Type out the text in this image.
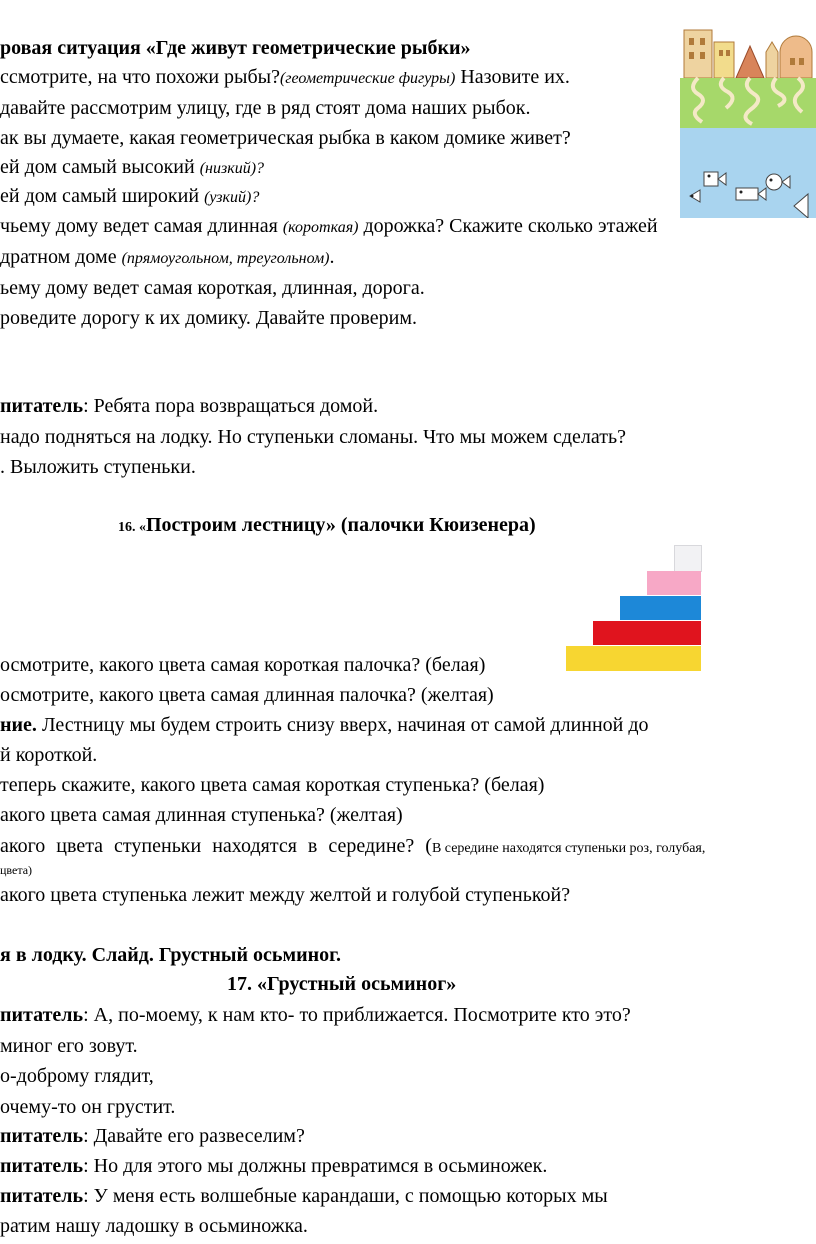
ровая ситуация «Где живут геометрические рыбки»
ссмотрите, на что похожи рыбы?(геометрические фигуры) Назовите их.
давайте рассмотрим улицу, где в ряд стоят дома наших рыбок.
ак вы думаете, какая геометрическая рыбка в каком домике живет?
ей дом самый высокий (низкий)?
ей дом самый широкий (узкий)?
чьему дому ведет самая длинная (короткая) дорожка? Скажите сколько этажей
дратном доме (прямоугольном, треугольном).
ьему дому ведет самая короткая, длинная, дорога.
роведите дорогу к их домику. Давайте проверим.
питатель: Ребята пора возвращаться домой.
надо подняться на лодку. Но ступеньки сломаны. Что мы можем сделать?
. Выложить ступеньки.
16. «Построим лестницу» (палочки Кюизенера)
осмотрите, какого цвета самая короткая палочка? (белая)
осмотрите, какого цвета самая длинная палочка? (желтая)
ние. Лестницу мы будем строить снизу вверх, начиная от самой длинной до
й короткой.
теперь скажите, какого цвета самая короткая ступенька? (белая)
акого цвета самая длинная ступенька? (желтая)
акого цвета ступеньки находятся в середине? (В середине находятся ступеньки роз, голубая,
цвета)
акого цвета ступенька лежит между желтой и голубой ступенькой?
я в лодку. Слайд. Грустный осьминог.
17. «Грустный осьминог»
питатель: А, по-моему, к нам кто- то приближается. Посмотрите кто это?
миног его зовут.
о-доброму глядит,
очему-то он грустит.
питатель: Давайте его развеселим?
питатель: Но для этого мы должны превратимся в осьминожек.
питатель: У меня есть волшебные карандаши, с помощью которых мы
ратим нашу ладошку в осьминожка.
